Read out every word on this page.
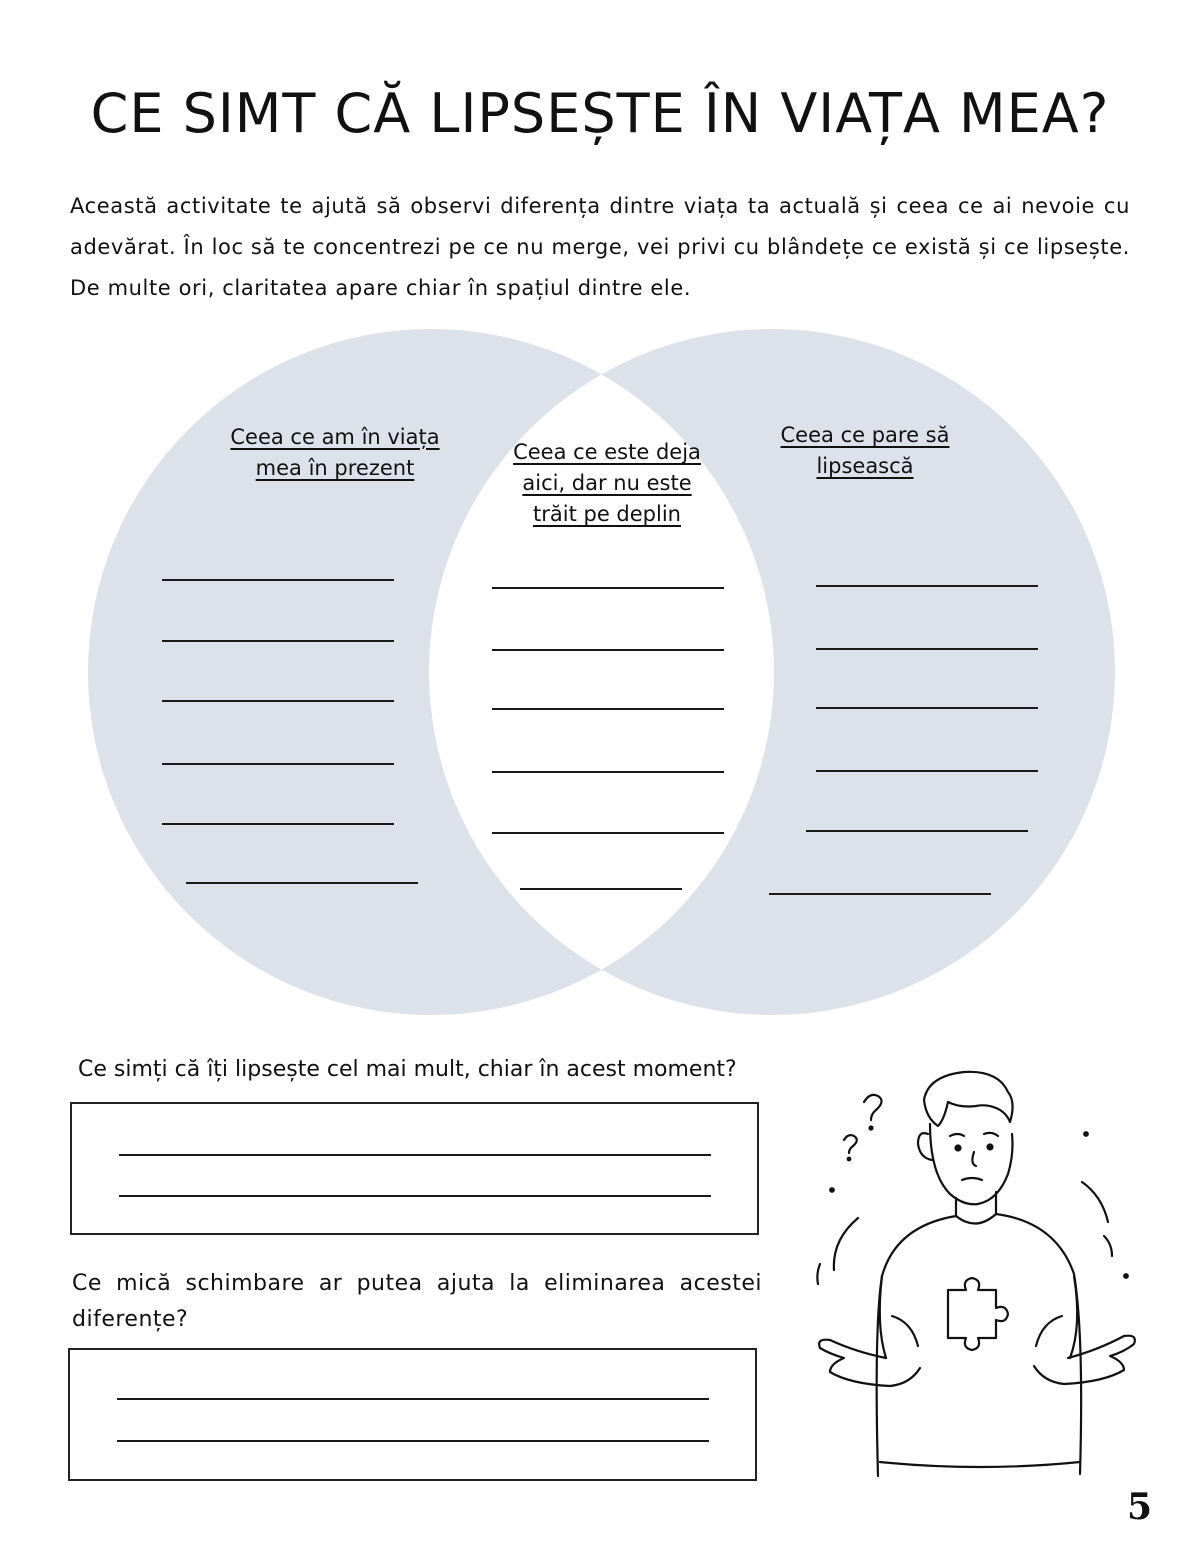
CE SIMT CĂ LIPSEȘTE ÎN VIAȚA MEA?

Această activitate te ajută să observi diferența dintre viața ta actuală și ceea ce ai nevoie cu adevărat. În loc să te concentrezi pe ce nu merge, vei privi cu blândețe ce există și ce lipsește. De multe ori, claritatea apare chiar în spațiul dintre ele.

Ceea ce am în viața
mea în prezent
Ceea ce este deja
aici, dar nu este
trăit pe deplin
Ceea ce pare să
lipsească

Ce simți că îți lipsește cel mai mult, chiar în acest moment?

Ce mică schimbare ar putea ajuta la eliminarea acestei diferențe?

5
